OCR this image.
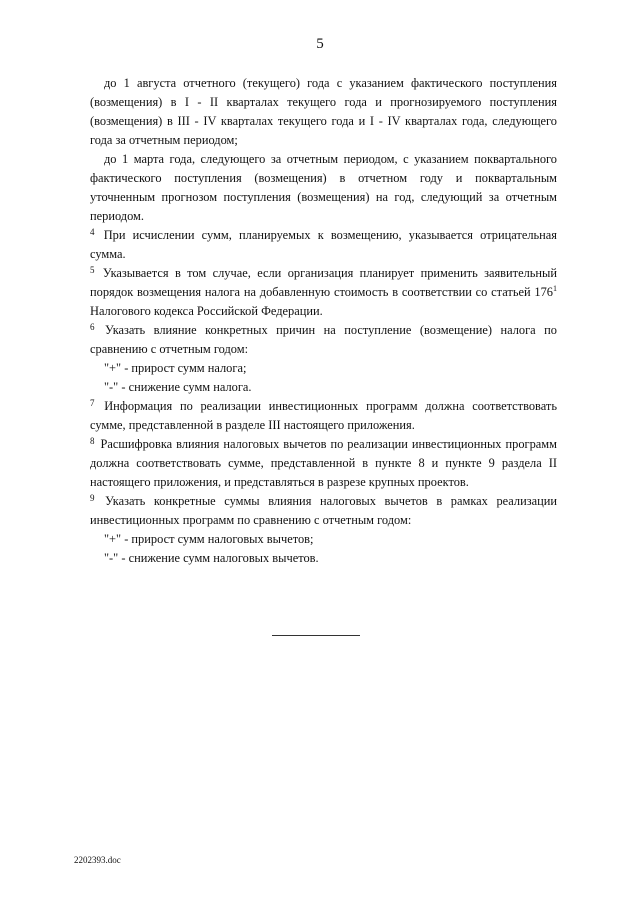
5

до 1 августа отчетного (текущего) года с указанием фактического поступления (возмещения) в I - II кварталах текущего года и прогнозируемого поступления (возмещения) в III - IV кварталах текущего года и I - IV кварталах года, следующего года за отчетным периодом;

до 1 марта года, следующего за отчетным периодом, с указанием поквартального фактического поступления (возмещения) в отчетном году и поквартальным уточненным прогнозом поступления (возмещения) на год, следующий за отчетным периодом.

$^4$ При исчислении сумм, планируемых к возмещению, указывается отрицательная сумма.

$^5$ Указывается в том случае, если организация планирует применить заявительный порядок возмещения налога на добавленную стоимость в соответствии со статьей $176^1$ Налогового кодекса Российской Федерации.

$^6$ Указать влияние конкретных причин на поступление (возмещение) налога по сравнению с отчетным годом:

"+" - прирост сумм налога;

"-" - снижение сумм налога.

$^7$ Информация по реализации инвестиционных программ должна соответствовать сумме, представленной в разделе III настоящего приложения.

$^8$ Расшифровка влияния налоговых вычетов по реализации инвестиционных программ должна соответствовать сумме, представленной в пункте 8 и пункте 9 раздела II настоящего приложения, и представляться в разрезе крупных проектов.

$^9$ Указать конкретные суммы влияния налоговых вычетов в рамках реализации инвестиционных программ по сравнению с отчетным годом:

"+" - прирост сумм налоговых вычетов;

"-" - снижение сумм налоговых вычетов.

2202393.doc
